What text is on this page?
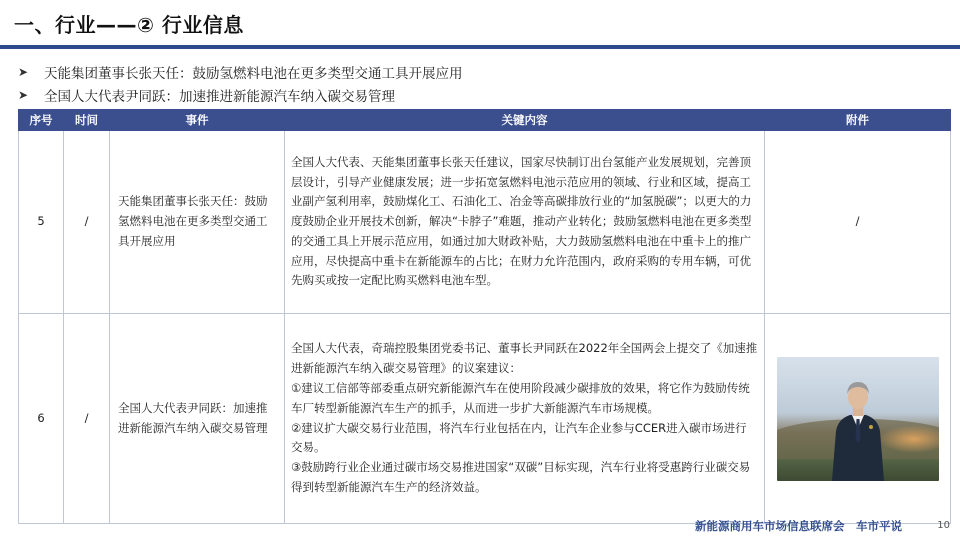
一、行业——② 行业信息
➤	天能集团董事长张天任：鼓励氢燃料电池在更多类型交通工具开展应用
➤	全国人大代表尹同跃：加速推进新能源汽车纳入碳交易管理
序号	时间	事件	关键内容	附件
5	/	天能集团董事长张天任：鼓励氢燃料电池在更多类型交通工具开展应用	全国人大代表、天能集团董事长张天任建议，国家尽快制订出台氢能产业发展规划，完善顶层设计，引导产业健康发展；进一步拓宽氢燃料电池示范应用的领域、行业和区域，提高工业副产氢利用率，鼓励煤化工、石油化工、冶金等高碳排放行业的“加氢脱碳”；以更大的力度鼓励企业开展技术创新，解决“卡脖子”难题，推动产业转化；鼓励氢燃料电池在更多类型的交通工具上开展示范应用，如通过加大财政补贴，大力鼓励氢燃料电池在中重卡上的推广应用，尽快提高中重卡在新能源车的占比；在财力允许范围内，政府采购的专用车辆，可优先购买或按一定配比购买燃料电池车型。	/
6	/	全国人大代表尹同跃：加速推进新能源汽车纳入碳交易管理	全国人大代表，奇瑞控股集团党委书记、董事长尹同跃在2022年全国两会上提交了《加速推进新能源汽车纳入碳交易管理》的议案建议：

①建议工信部等部委重点研究新能源汽车在使用阶段减少碳排放的效果，将它作为鼓励传统车厂转型新能源汽车生产的抓手，从而进一步扩大新能源汽车市场规模。

②建议扩大碳交易行业范围，将汽车行业包括在内，让汽车企业参与CCER进入碳市场进行交易。

③鼓励跨行业企业通过碳市场交易推进国家“双碳”目标实现，汽车行业将受惠跨行业碳交易得到转型新能源汽车生产的经济效益。

新能源商用车市场信息联席会　车市平说	10
